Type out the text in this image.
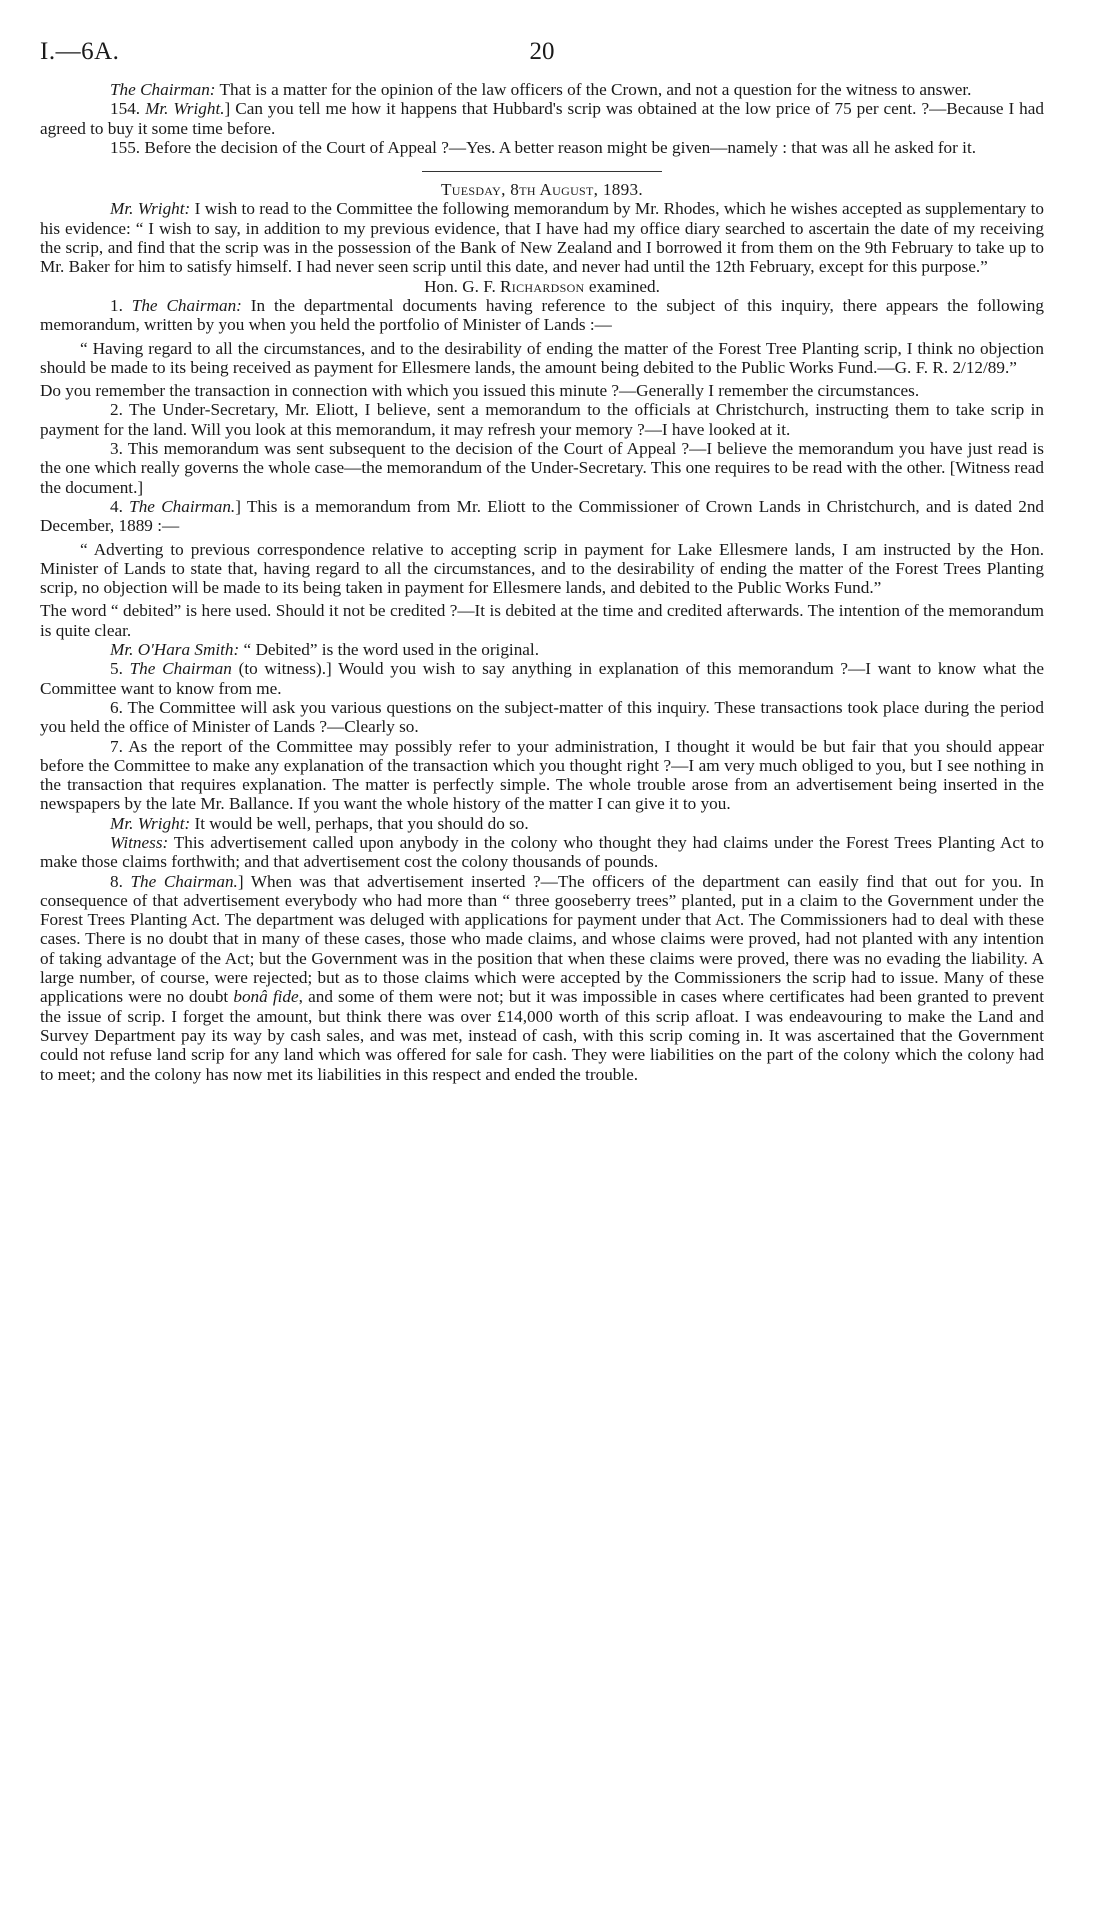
I.—6A.	20

The Chairman: That is a matter for the opinion of the law officers of the Crown, and not a question for the witness to answer.

154. Mr. Wright.] Can you tell me how it happens that Hubbard's scrip was obtained at the low price of 75 per cent. ?—Because I had agreed to buy it some time before.

155. Before the decision of the Court of Appeal ?—Yes. A better reason might be given—namely : that was all he asked for it.

Tuesday, 8th August, 1893.

Mr. Wright: I wish to read to the Committee the following memorandum by Mr. Rhodes, which he wishes accepted as supplementary to his evidence: “ I wish to say, in addition to my previous evidence, that I have had my office diary searched to ascertain the date of my receiving the scrip, and find that the scrip was in the possession of the Bank of New Zealand and I borrowed it from them on the 9th February to take up to Mr. Baker for him to satisfy himself. I had never seen scrip until this date, and never had until the 12th February, except for this purpose.”

Hon. G. F. Richardson examined.

1. The Chairman: In the departmental documents having reference to the subject of this inquiry, there appears the following memorandum, written by you when you held the portfolio of Minister of Lands :—

“ Having regard to all the circumstances, and to the desirability of ending the matter of the Forest Tree Planting scrip, I think no objection should be made to its being received as payment for Ellesmere lands, the amount being debited to the Public Works Fund.—G. F. R. 2/12/89.”

Do you remember the transaction in connection with which you issued this minute ?—Generally I remember the circumstances.

2. The Under-Secretary, Mr. Eliott, I believe, sent a memorandum to the officials at Christchurch, instructing them to take scrip in payment for the land. Will you look at this memorandum, it may refresh your memory ?—I have looked at it.

3. This memorandum was sent subsequent to the decision of the Court of Appeal ?—I believe the memorandum you have just read is the one which really governs the whole case—the memorandum of the Under-Secretary. This one requires to be read with the other. [Witness read the document.]

4. The Chairman.] This is a memorandum from Mr. Eliott to the Commissioner of Crown Lands in Christchurch, and is dated 2nd December, 1889 :—

“ Adverting to previous correspondence relative to accepting scrip in payment for Lake Ellesmere lands, I am instructed by the Hon. Minister of Lands to state that, having regard to all the circumstances, and to the desirability of ending the matter of the Forest Trees Planting scrip, no objection will be made to its being taken in payment for Ellesmere lands, and debited to the Public Works Fund.”

The word “ debited” is here used. Should it not be credited ?—It is debited at the time and credited afterwards. The intention of the memorandum is quite clear.

Mr. O'Hara Smith: “ Debited” is the word used in the original.

5. The Chairman (to witness).] Would you wish to say anything in explanation of this memorandum ?—I want to know what the Committee want to know from me.

6. The Committee will ask you various questions on the subject-matter of this inquiry. These transactions took place during the period you held the office of Minister of Lands ?—Clearly so.

7. As the report of the Committee may possibly refer to your administration, I thought it would be but fair that you should appear before the Committee to make any explanation of the transaction which you thought right ?—I am very much obliged to you, but I see nothing in the transaction that requires explanation. The matter is perfectly simple. The whole trouble arose from an advertisement being inserted in the newspapers by the late Mr. Ballance. If you want the whole history of the matter I can give it to you.

Mr. Wright: It would be well, perhaps, that you should do so.

Witness: This advertisement called upon anybody in the colony who thought they had claims under the Forest Trees Planting Act to make those claims forthwith; and that advertisement cost the colony thousands of pounds.

8. The Chairman.] When was that advertisement inserted ?—The officers of the department can easily find that out for you. In consequence of that advertisement everybody who had more than “ three gooseberry trees” planted, put in a claim to the Government under the Forest Trees Planting Act. The department was deluged with applications for payment under that Act. The Commissioners had to deal with these cases. There is no doubt that in many of these cases, those who made claims, and whose claims were proved, had not planted with any intention of taking advantage of the Act; but the Government was in the position that when these claims were proved, there was no evading the liability. A large number, of course, were rejected; but as to those claims which were accepted by the Commissioners the scrip had to issue. Many of these applications were no doubt bonâ fide, and some of them were not; but it was impossible in cases where certificates had been granted to prevent the issue of scrip. I forget the amount, but think there was over £14,000 worth of this scrip afloat. I was endeavouring to make the Land and Survey Department pay its way by cash sales, and was met, instead of cash, with this scrip coming in. It was ascertained that the Government could not refuse land scrip for any land which was offered for sale for cash. They were liabilities on the part of the colony which the colony had to meet; and the colony has now met its liabilities in this respect and ended the trouble.
